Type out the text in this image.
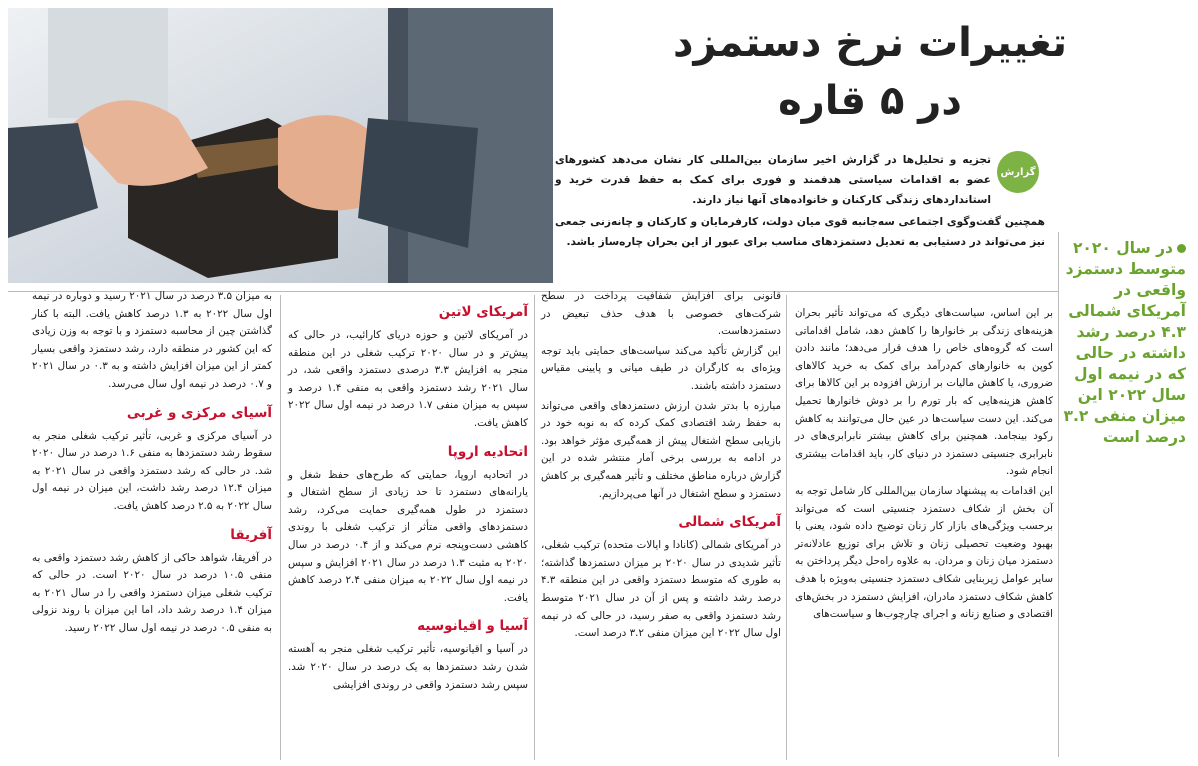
تغییرات نرخ دستمزد
در ۵ قاره
گزارش
تجزیه و تحلیل‌ها در گزارش اخیر سازمان بین‌المللی کار نشان می‌دهد کشورهای عضو به اقدامات سیاستی هدفمند و فوری برای کمک به حفظ قدرت خرید و استانداردهای زندگی کارکنان و خانواده‌های آنها نیاز دارند.
همچنین گفت‌وگوی اجتماعی سه‌جانبه قوی میان دولت، کارفرمایان و کارکنان و چانه‌زنی جمعی نیز می‌تواند در دستیابی به تعدیل دستمزدهای مناسب برای عبور از این بحران چاره‌ساز باشد.	در سال ۲۰۲۰ متوسط دستمزد واقعی در آمریکای شمالی ۴.۳ درصد رشد داشته در حالی که در نیمه اول سال ۲۰۲۲ این میزان منفی ۳.۲ درصد است

بر این اساس، سیاست‌های دیگری که می‌تواند تأثیر بحران هزینه‌های زندگی بر خانوارها را کاهش دهد، شامل اقداماتی است که گروه‌های خاص را هدف قرار می‌دهد؛ مانند دادن کوپن به خانوارهای کم‌درآمد برای کمک به خرید کالاهای ضروری، یا کاهش مالیات بر ارزش افزوده بر این کالاها برای کاهش هزینه‌هایی که بار تورم را بر دوش خانوارها تحمیل می‌کند. این دست سیاست‌ها در عین حال می‌توانند به کاهش رکود بینجامد. همچنین برای کاهش بیشتر نابرابری‌های در نابرابری جنسیتی دستمزد در دنیای کار، باید اقدامات بیشتری انجام شود.

این اقدامات به پیشنهاد سازمان بین‌المللی کار شامل توجه به آن بخش از شکاف دستمزد جنسیتی است که می‌تواند برحسب ویژگی‌های بازار کار زنان توضیح داده شود، یعنی با بهبود وضعیت تحصیلی زنان و تلاش برای توزیع عادلانه‌تر دستمزد میان زنان و مردان. به علاوه راه‌حل دیگر پرداختن به سایر عوامل زیربنایی شکاف دستمزد جنسیتی به‌ویژه با هدف کاهش شکاف دستمزد مادران، افزایش دستمزد در بخش‌های اقتصادی و صنایع زنانه و اجرای چارچوب‌ها و سیاست‌های

قانونی برای افزایش شفافیت پرداخت در سطح شرکت‌های خصوصی با هدف حذف تبعیض در دستمزدهاست.

این گزارش تأکید می‌کند سیاست‌های حمایتی باید توجه ویژه‌ای به کارگران در طیف میانی و پایینی مقیاس دستمزد داشته باشند.

مبارزه با بدتر شدن ارزش دستمزدهای واقعی می‌تواند به حفظ رشد اقتصادی کمک کرده که به نوبه خود در بازیابی سطح اشتغال پیش از همه‌گیری مؤثر خواهد بود. در ادامه به بررسی برخی آمار منتشر شده در این گزارش درباره مناطق مختلف و تأثیر همه‌گیری بر کاهش دستمزد و سطح اشتغال در آنها می‌پردازیم.

آمریکای شمالی

در آمریکای شمالی (کانادا و ایالات متحده) ترکیب شغلی، تأثیر شدیدی در سال ۲۰۲۰ بر میزان دستمزدها گذاشته؛ به طوری که متوسط دستمزد واقعی در این منطقه ۴.۳ درصد رشد داشته و پس از آن در سال ۲۰۲۱ متوسط رشد دستمزد واقعی به صفر رسید، در حالی که در نیمه اول سال ۲۰۲۲ این میزان منفی ۳.۲ درصد است.

آمریکای لاتین

در آمریکای لاتین و حوزه دریای کارائیب، در حالی که پیش‌تر و در سال ۲۰۲۰ ترکیب شغلی در این منطقه منجر به افزایش ۳.۳ درصدی دستمزد واقعی شد، در سال ۲۰۲۱ رشد دستمزد واقعی به منفی ۱.۴ درصد و سپس به میزان منفی ۱.۷ درصد در نیمه اول سال ۲۰۲۲ کاهش یافت.

اتحادیه اروپا

در اتحادیه اروپا، حمایتی که طرح‌های حفظ شغل و یارانه‌های دستمزد تا حد زیادی از سطح اشتغال و دستمزد در طول همه‌گیری حمایت می‌کرد، رشد دستمزدهای واقعی متأثر از ترکیب شغلی با روندی کاهشی دست‌وپنجه نرم می‌کند و از ۰.۴ درصد در سال ۲۰۲۰ به مثبت ۱.۳ درصد در سال ۲۰۲۱ افزایش و سپس در نیمه اول سال ۲۰۲۲ به میزان منفی ۲.۴ درصد کاهش یافت.

آسیا و اقیانوسیه

در آسیا و اقیانوسیه، تأثیر ترکیب شغلی منجر به آهسته شدن رشد دستمزدها به یک درصد در سال ۲۰۲۰ شد. سپس رشد دستمزد واقعی در روندی افزایشی

به میزان ۳.۵ درصد در سال ۲۰۲۱ رسید و دوباره در نیمه اول سال ۲۰۲۲ به ۱.۳ درصد کاهش یافت. البته با کنار گذاشتن چین از محاسبه دستمزد و با توجه به وزن زیادی که این کشور در منطقه دارد، رشد دستمزد واقعی بسیار کمتر از این میزان افزایش داشته و به ۰.۳ در سال ۲۰۲۱ و ۰.۷ درصد در نیمه اول سال می‌رسد.

آسیای مرکزی و غربی

در آسیای مرکزی و غربی، تأثیر ترکیب شغلی منجر به سقوط رشد دستمزدها به منفی ۱.۶ درصد در سال ۲۰۲۰ شد. در حالی که رشد دستمزد واقعی در سال ۲۰۲۱ به میزان ۱۲.۴ درصد رشد داشت، این میزان در نیمه اول سال ۲۰۲۲ به ۲.۵ درصد کاهش یافت.

آفریقا

در آفریقا، شواهد حاکی از کاهش رشد دستمزد واقعی به منفی ۱۰.۵ درصد در سال ۲۰۲۰ است. در حالی که ترکیب شغلی میزان دستمزد واقعی را در سال ۲۰۲۱ به میزان ۱.۴ درصد رشد داد، اما این میزان با روند نزولی به منفی ۰.۵ درصد در نیمه اول سال ۲۰۲۲ رسید.
